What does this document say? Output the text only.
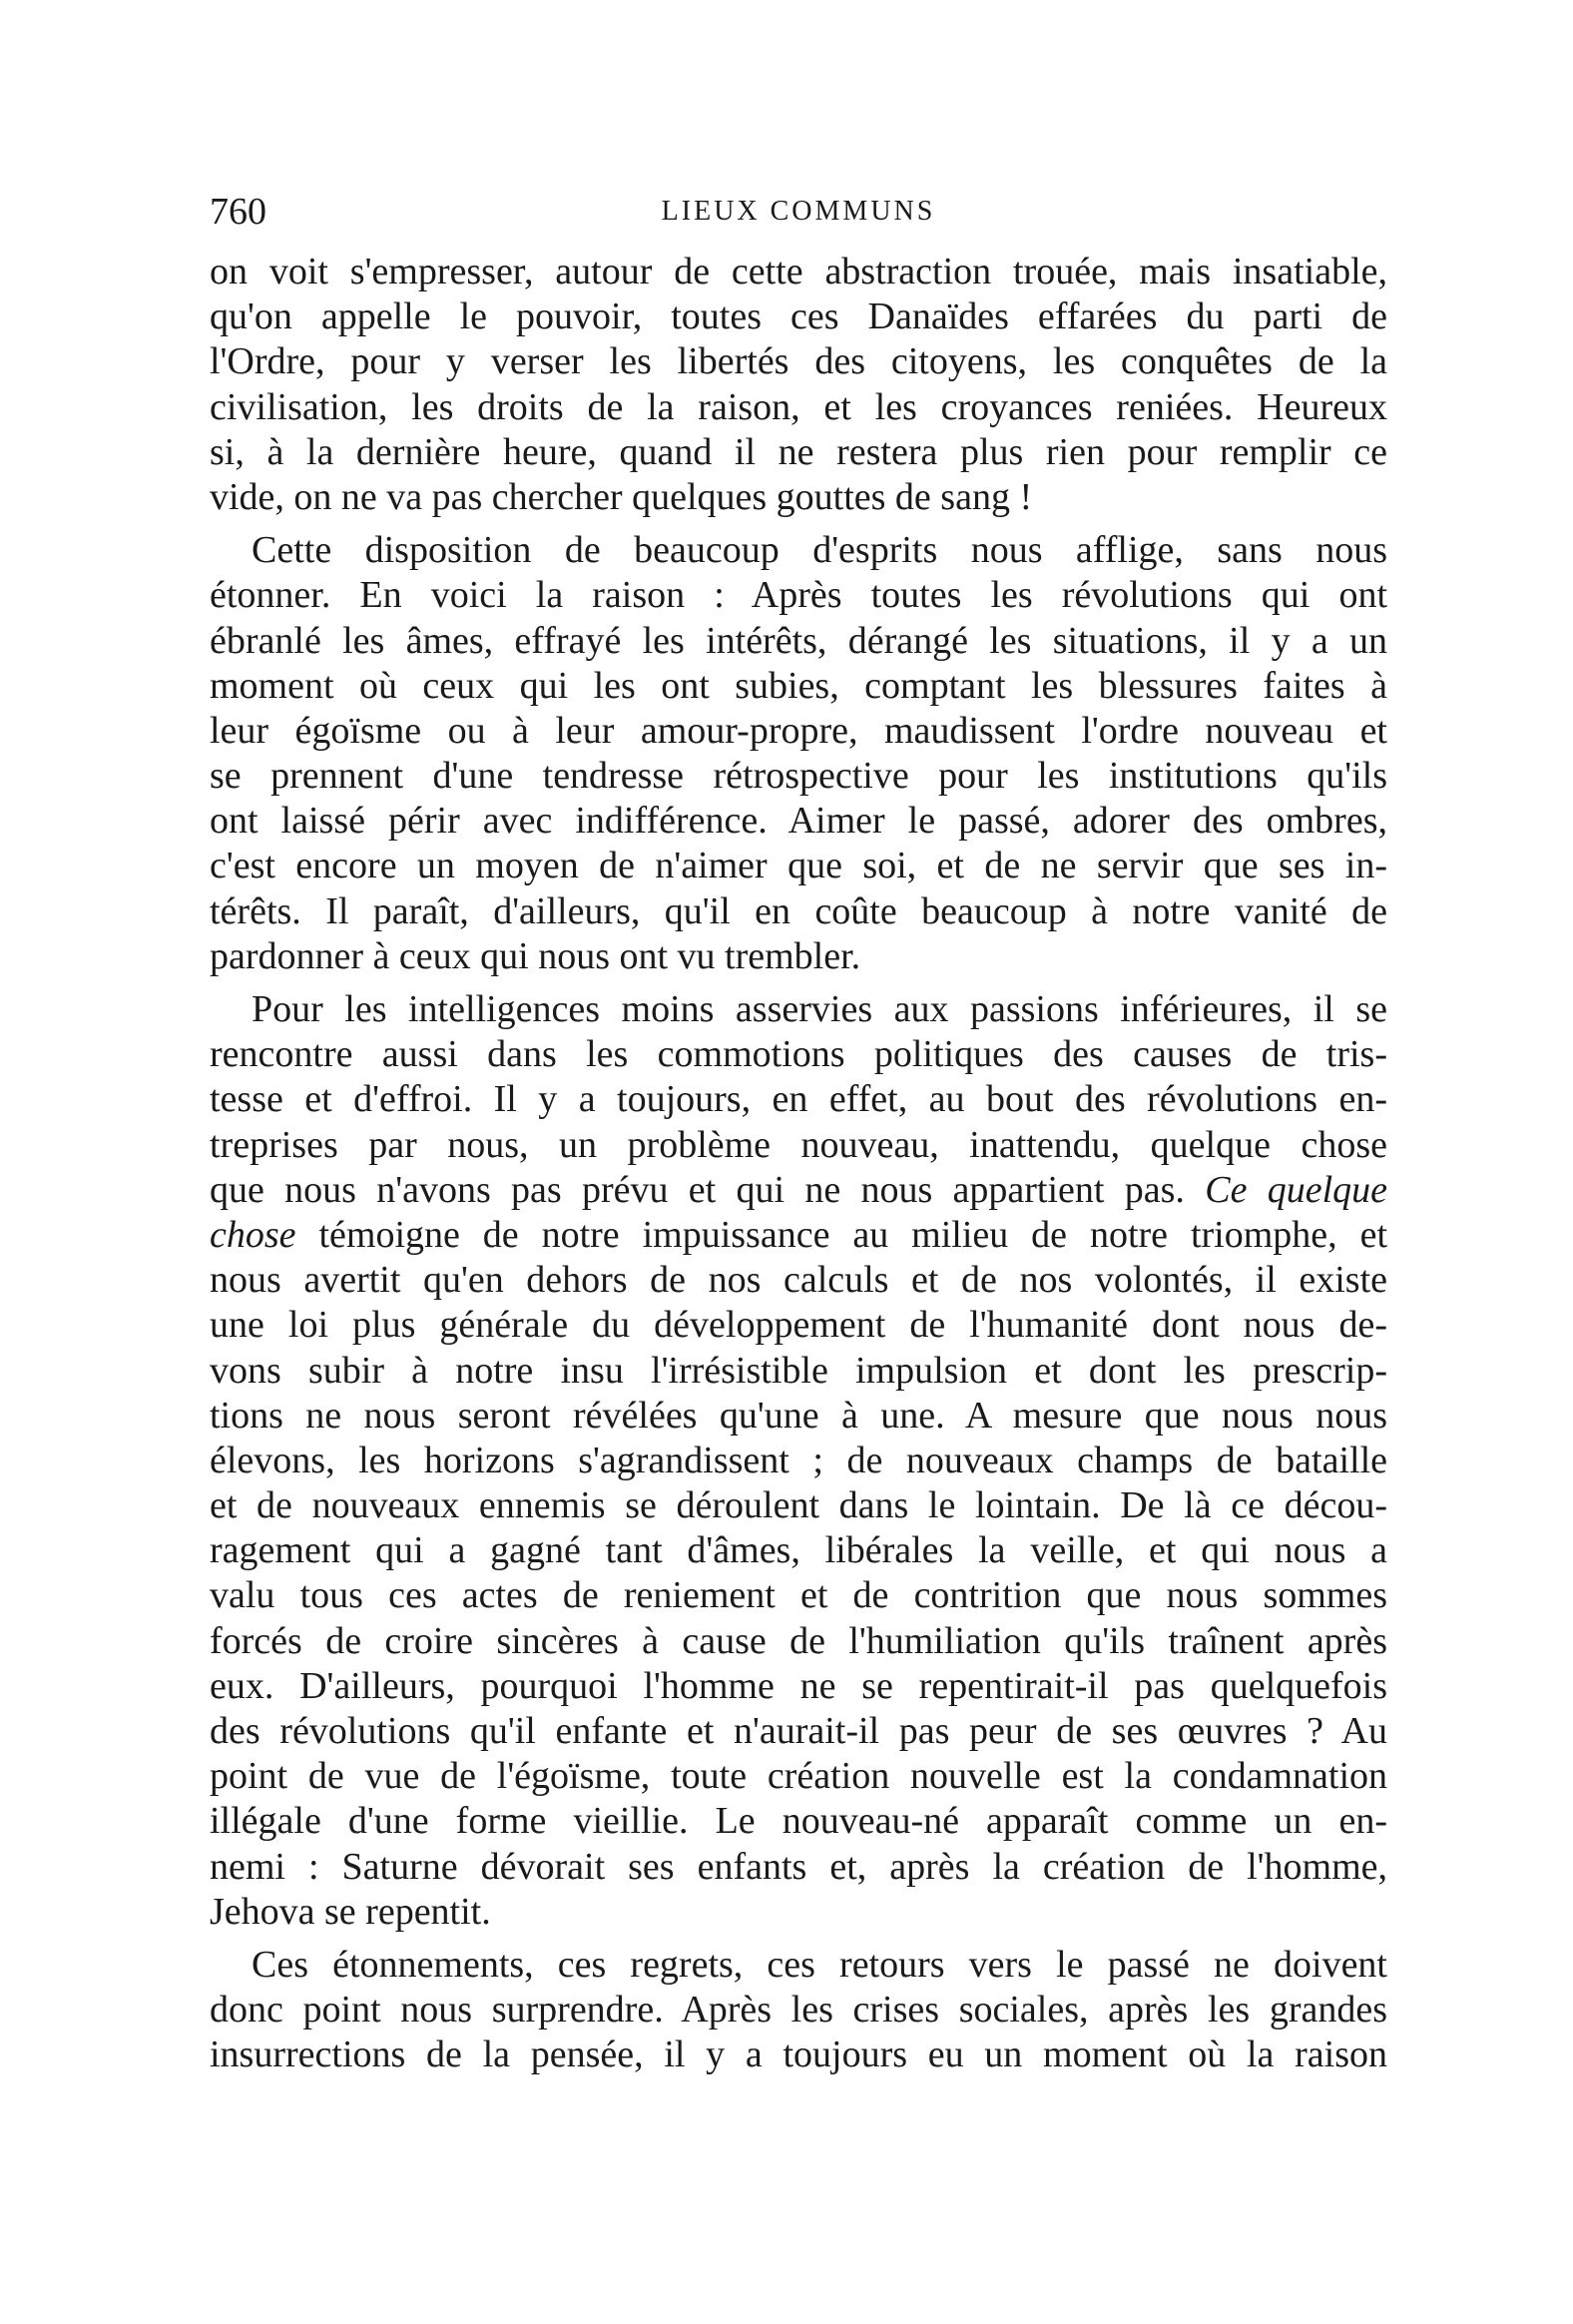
760	LIEUX COMMUNS
on voit s'empresser, autour de cette abstraction trouée, mais insatiable,
qu'on appelle le pouvoir, toutes ces Danaïdes effarées du parti de
l'Ordre, pour y verser les libertés des citoyens, les conquêtes de la
civilisation, les droits de la raison, et les croyances reniées. Heureux
si, à la dernière heure, quand il ne restera plus rien pour remplir ce
vide, on ne va pas chercher quelques gouttes de sang !
Cette disposition de beaucoup d'esprits nous afflige, sans nous
étonner. En voici la raison : Après toutes les révolutions qui ont
ébranlé les âmes, effrayé les intérêts, dérangé les situations, il y a un
moment où ceux qui les ont subies, comptant les blessures faites à
leur égoïsme ou à leur amour-propre, maudissent l'ordre nouveau et
se prennent d'une tendresse rétrospective pour les institutions qu'ils
ont laissé périr avec indifférence. Aimer le passé, adorer des ombres,
c'est encore un moyen de n'aimer que soi, et de ne servir que ses in-
térêts. Il paraît, d'ailleurs, qu'il en coûte beaucoup à notre vanité de
pardonner à ceux qui nous ont vu trembler.
Pour les intelligences moins asservies aux passions inférieures, il se
rencontre aussi dans les commotions politiques des causes de tris-
tesse et d'effroi. Il y a toujours, en effet, au bout des révolutions en-
treprises par nous, un problème nouveau, inattendu, quelque chose
que nous n'avons pas prévu et qui ne nous appartient pas. Ce quelque
chose témoigne de notre impuissance au milieu de notre triomphe, et
nous avertit qu'en dehors de nos calculs et de nos volontés, il existe
une loi plus générale du développement de l'humanité dont nous de-
vons subir à notre insu l'irrésistible impulsion et dont les prescrip-
tions ne nous seront révélées qu'une à une. A mesure que nous nous
élevons, les horizons s'agrandissent ; de nouveaux champs de bataille
et de nouveaux ennemis se déroulent dans le lointain. De là ce décou-
ragement qui a gagné tant d'âmes, libérales la veille, et qui nous a
valu tous ces actes de reniement et de contrition que nous sommes
forcés de croire sincères à cause de l'humiliation qu'ils traînent après
eux. D'ailleurs, pourquoi l'homme ne se repentirait-il pas quelquefois
des révolutions qu'il enfante et n'aurait-il pas peur de ses œuvres ? Au
point de vue de l'égoïsme, toute création nouvelle est la condamnation
illégale d'une forme vieillie. Le nouveau-né apparaît comme un en-
nemi : Saturne dévorait ses enfants et, après la création de l'homme,
Jehova se repentit.
Ces étonnements, ces regrets, ces retours vers le passé ne doivent
donc point nous surprendre. Après les crises sociales, après les grandes
insurrections de la pensée, il y a toujours eu un moment où la raison
